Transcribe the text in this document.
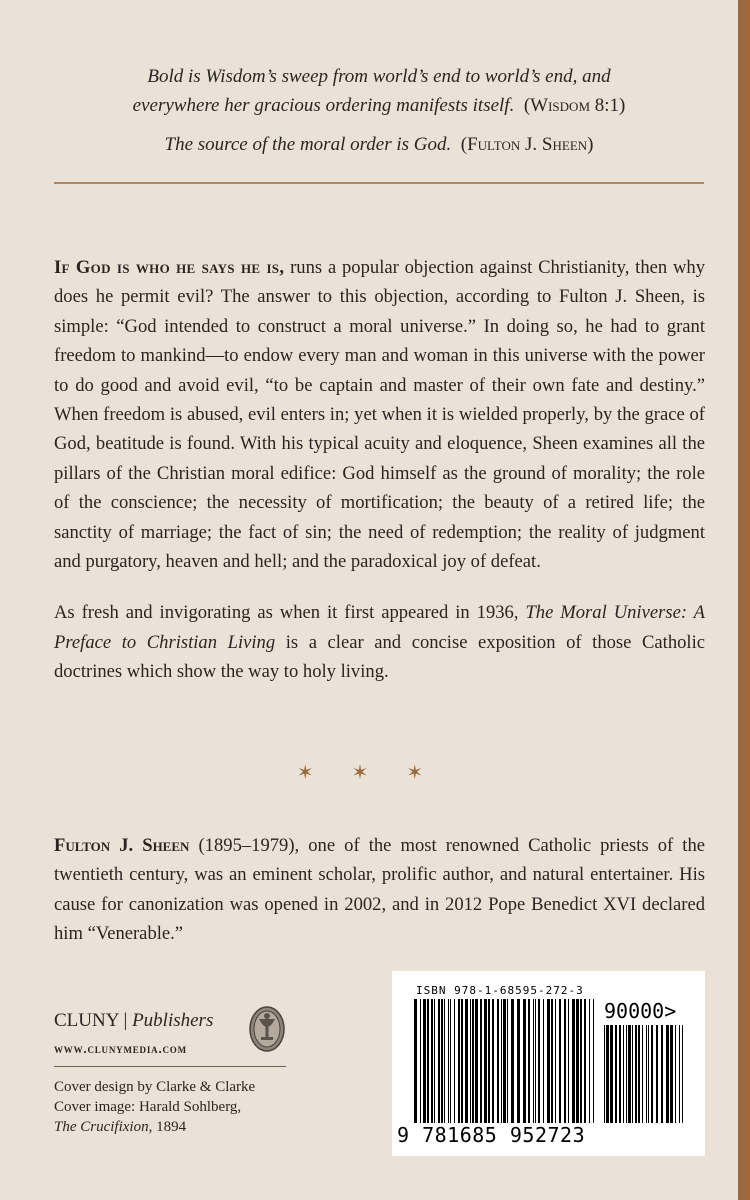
Bold is Wisdom’s sweep from world’s end to world’s end, and
everywhere her gracious ordering manifests itself. (Wisdom 8:1)

The source of the moral order is God. (Fulton J. Sheen)

If God is who he says he is, runs a popular objection against Christianity, then why does he permit evil? The answer to this objection, according to Fulton J. Sheen, is simple: “God intended to construct a moral universe.” In doing so, he had to grant freedom to mankind—to endow every man and woman in this universe with the power to do good and avoid evil, “to be captain and master of their own fate and destiny.” When freedom is abused, evil enters in; yet when it is wielded properly, by the grace of God, beatitude is found. With his typical acuity and eloquence, Sheen examines all the pillars of the Christian moral edifice: God himself as the ground of morality; the role of the conscience; the necessity of mortification; the beauty of a retired life; the sanctity of marriage; the fact of sin; the need of redemption; the reality of judgment and purgatory, heaven and hell; and the paradoxical joy of defeat.

As fresh and invigorating as when it first appeared in 1936, The Moral Universe: A Preface to Christian Living is a clear and concise exposition of those Catholic doctrines which show the way to holy living.

✶✶✶

Fulton J. Sheen (1895–1979), one of the most renowned Catholic priests of the twentieth century, was an eminent scholar, prolific author, and natural entertainer. His cause for canonization was opened in 2002, and in 2012 Pope Benedict XVI declared him “Venerable.”

CLUNY | Publishers
www.clunymedia.com
Cover design by Clarke & Clarke
Cover image: Harald Sohlberg,
The Crucifixion, 1894
ISBN 978-1-68595-272-3
90000>
9 781685 952723
